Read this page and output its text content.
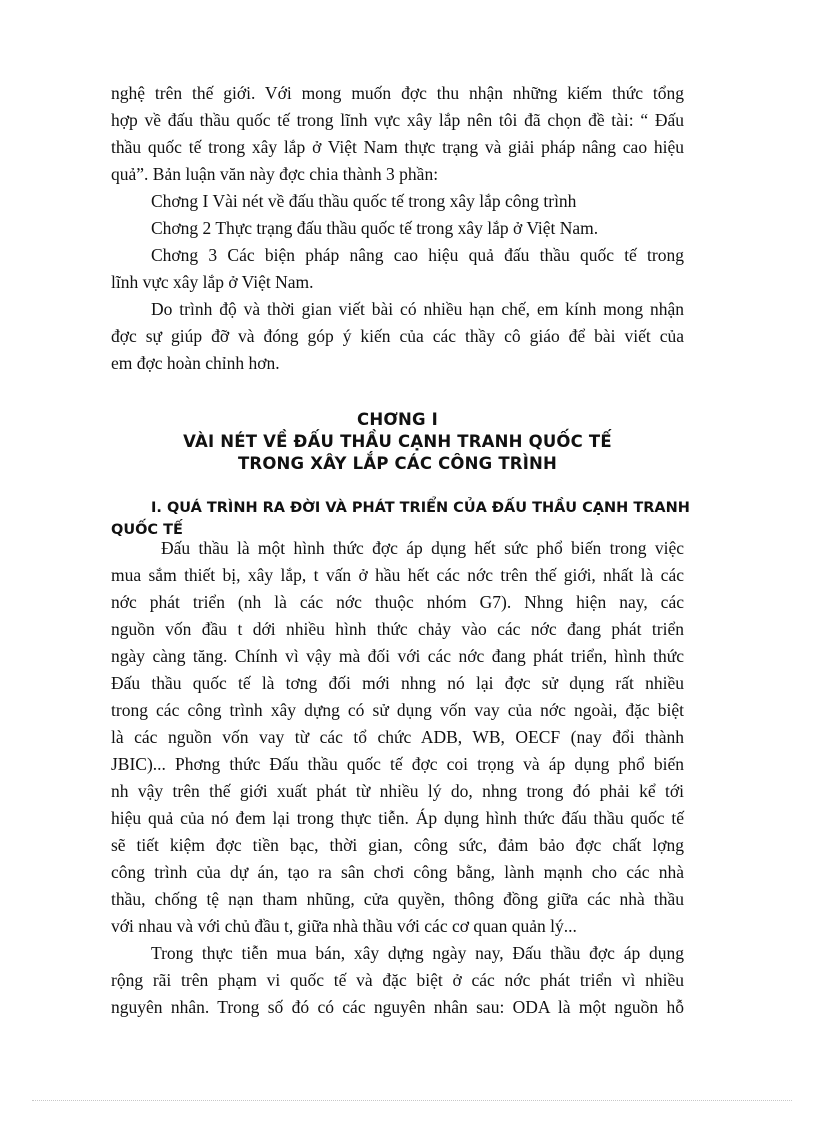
nghệ trên thế giới. Với mong muốn đợc thu nhận những kiếm thức tổng
hợp về đấu thầu quốc tế trong lĩnh vực xây lắp nên tôi đã chọn đề tài: “ Đấu
thầu quốc tế trong xây lắp ở Việt Nam thực trạng và giải pháp nâng cao hiệu
quả”. Bản luận văn này đợc chia thành 3 phần:
Chơng I Vài nét về đấu thầu quốc tế trong xây lắp công trình
Chơng 2 Thực trạng đấu thầu quốc tế trong xây lắp ở Việt Nam.
Chơng 3 Các biện pháp nâng cao hiệu quả đấu thầu quốc tế trong
lĩnh vực xây lắp ở Việt Nam.
Do trình độ và thời gian viết bài có nhiều hạn chế, em kính mong nhận
đợc sự giúp đỡ và đóng góp ý kiến của các thầy cô giáo để bài viết của
em đợc hoàn chỉnh hơn.
CHƠNG I
VÀI NÉT VỀ ĐẤU THẦU CẠNH TRANH QUỐC TẾ
TRONG XÂY LẮP CÁC CÔNG TRÌNH
I. QUÁ TRÌNH RA ĐỜI VÀ PHÁT TRIỂN CỦA ĐẤU THẦU CẠNH TRANH
QUỐC TẾ
Đấu thầu là một hình thức đợc áp dụng hết sức phổ biến trong việc
mua sắm thiết bị, xây lắp, t vấn ở hầu hết các nớc trên thế giới, nhất là các
nớc phát triển (nh là các nớc thuộc nhóm G7). Nhng hiện nay, các
nguồn vốn đầu t dới nhiều hình thức chảy vào các nớc đang phát triển
ngày càng tăng. Chính vì vậy mà đối với các nớc đang phát triển, hình thức
Đấu thầu quốc tế là tơng đối mới nhng nó lại đợc sử dụng rất nhiều
trong các công trình xây dựng có sử dụng vốn vay của nớc ngoài, đặc biệt
là các nguồn vốn vay từ các tổ chức ADB, WB, OECF (nay đổi thành
JBIC)... Phơng thức Đấu thầu quốc tế đợc coi trọng và áp dụng phổ biến
nh vậy trên thế giới xuất phát từ nhiều lý do, nhng trong đó phải kể tới
hiệu quả của nó đem lại trong thực tiễn. Áp dụng hình thức đấu thầu quốc tế
sẽ tiết kiệm đợc tiền bạc, thời gian, công sức, đảm bảo đợc chất lợng
công trình của dự án, tạo ra sân chơi công bằng, lành mạnh cho các nhà
thầu, chống tệ nạn tham nhũng, cửa quyền, thông đồng giữa các nhà thầu
với nhau và với chủ đầu t, giữa nhà thầu với các cơ quan quản lý...
Trong thực tiễn mua bán, xây dựng ngày nay, Đấu thầu đợc áp dụng
rộng rãi trên phạm vi quốc tế và đặc biệt ở các nớc phát triển vì nhiều
nguyên nhân. Trong số đó có các nguyên nhân sau: ODA là một nguồn hỗ
